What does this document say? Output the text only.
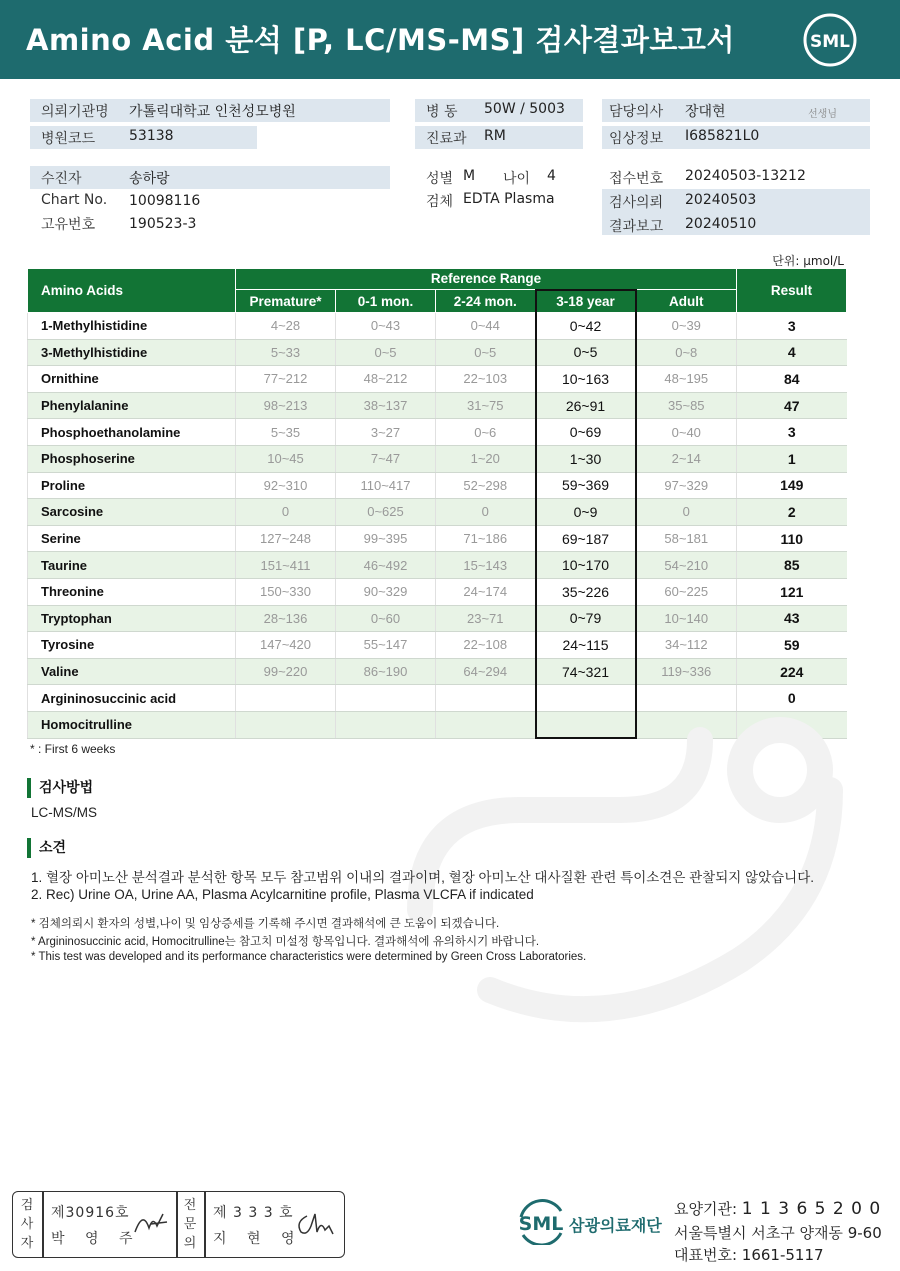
Amino Acid 분석 [P, LC/MS-MS] 검사결과보고서	SML
의뢰기관명 가톨릭대학교 인천성모병원
병원코드 53138
병 동 50W / 5003
진료과 RM
담당의사 장대현	선생님
임상정보 I685821L0
수진자	송하랑
Chart No. 10098116
고유번호 190523-3
성별 M 나이 4
검체 EDTA Plasma
접수번호 20240503-13212
검사의뢰 20240503
결과보고 20240510
단위: μmol/L
Amino Acids	Reference Range					Result
	Premature*	0-1 mon.	2-24 mon.	3-18 year	Adult	
1-Methylhistidine	4~28	0~43	0~44	0~42	0~39	3
3-Methylhistidine	5~33	0~5	0~5	0~5	0~8	4
Ornithine	77~212	48~212	22~103	10~163	48~195	84
Phenylalanine	98~213	38~137	31~75	26~91	35~85	47
Phosphoethanolamine	5~35	3~27	0~6	0~69	0~40	3
Phosphoserine	10~45	7~47	1~20	1~30	2~14	1
Proline	92~310	110~417	52~298	59~369	97~329	149
Sarcosine	0	0~625	0	0~9	0	2
Serine	127~248	99~395	71~186	69~187	58~181	110
Taurine	151~411	46~492	15~143	10~170	54~210	85
Threonine	150~330	90~329	24~174	35~226	60~225	121
Tryptophan	28~136	0~60	23~71	0~79	10~140	43
Tyrosine	147~420	55~147	22~108	24~115	34~112	59
Valine	99~220	86~190	64~294	74~321	119~336	224
Argininosuccinic acid						0
Homocitrulline						0
* : First 6 weeks
검사방법
LC-MS/MS
소견
1. 혈장 아미노산 분석결과 분석한 항목 모두 참고범위 이내의 결과이며, 혈장 아미노산 대사질환 관련 특이소견은 관찰되지 않았습니다.
2. Rec) Urine OA, Urine AA, Plasma Acylcarnitine profile, Plasma VLCFA if indicated
* 검체의뢰시 환자의 성별,나이 및 임상증세를 기록해 주시면 결과해석에 큰 도움이 되겠습니다.
* Argininosuccinic acid, Homocitrulline는 참고치 미설정 항목입니다. 결과해석에 유의하시기 바랍니다.
* This test was developed and its performance characteristics were determined by Green Cross Laboratories.
검
사
자
제30916호
박 영 주
전
문
의
제 3 3 3 호
지 현 영
SML 삼광의료재단
요양기관: 1 1 3 6 5 2 0 0
서울특별시 서초구 양재동 9-60
대표번호: 1661-5117
